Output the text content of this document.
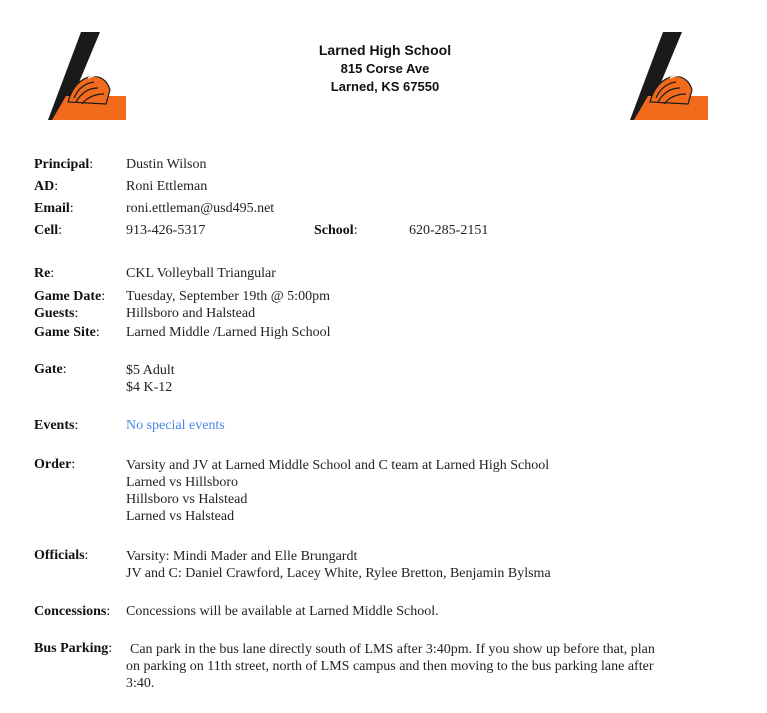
Larned High School
815 Corse Ave
Larned, KS 67550
Principal: Dustin Wilson
AD:	Roni Ettleman
Email:	roni.ettleman@usd495.net
Cell:	913-426-5317	School:	620-285-2151
Re:	CKL Volleyball Triangular
Game Date: Tuesday, September 19th @ 5:00pm
Guests:	Hillsboro and Halstead
Game Site: Larned Middle /Larned High School
Gate:	$5 Adult
$4 K-12
Events:	No special events
Order:	Varsity and JV at Larned Middle School and C team at Larned High School
Larned vs Hillsboro
Hillsboro vs Halstead
Larned vs Halstead
Officials:	Varsity: Mindi Mader and Elle Brungardt
JV and C: Daniel Crawford, Lacey White, Rylee Bretton, Benjamin Bylsma
Concessions: Concessions will be available at Larned Middle School.
Bus Parking: Can park in the bus lane directly south of LMS after 3:40pm. If you show up before that, plan
on parking on 11th street, north of LMS campus and then moving to the bus parking lane after
3:40.
